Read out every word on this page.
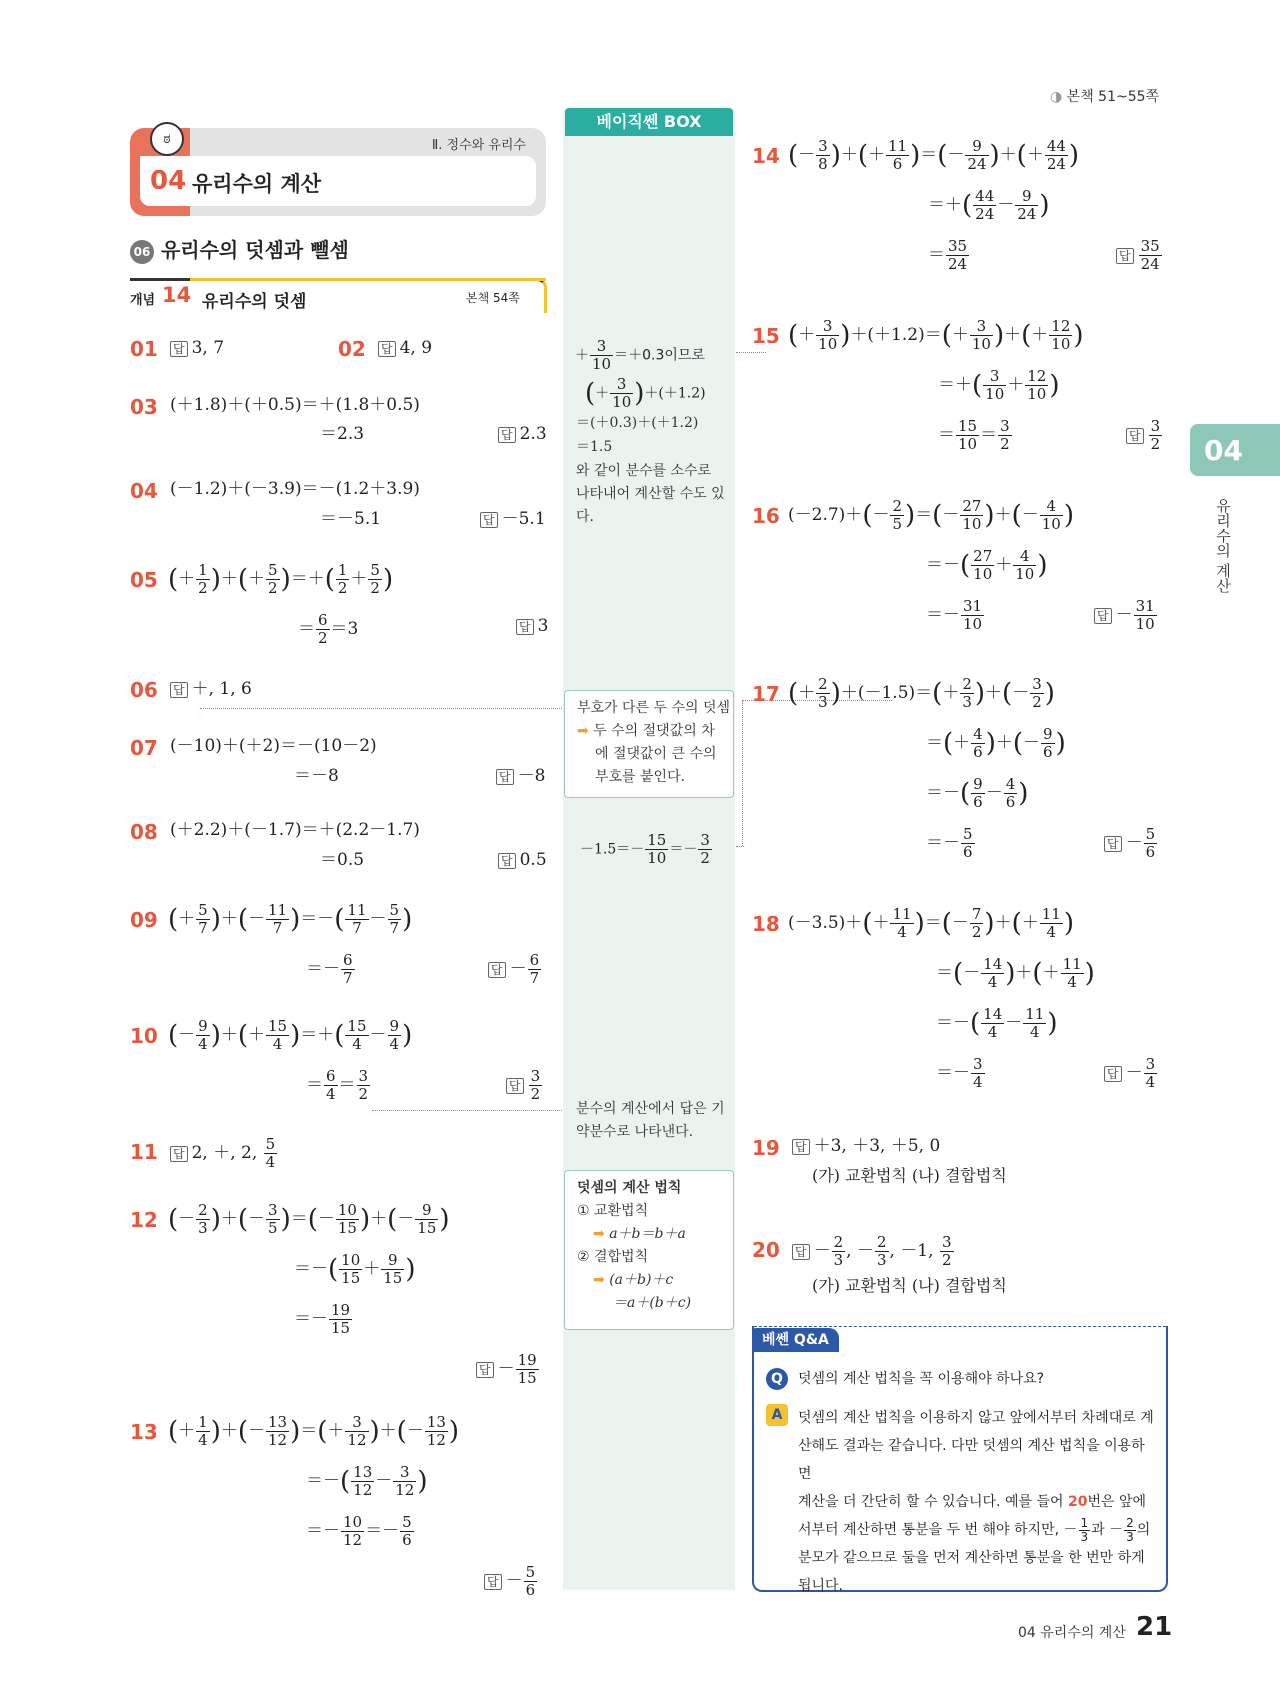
◑ 본책 51~55쪽
ಠ	Ⅱ. 정수와 유리수
04 유리수의 계산
06 유리수의 덧셈과 뺄셈
개념 14 유리수의 덧셈	본책 54쪽
베이직쎈 BOX
＋ $\frac{3}{10} =+0.3$이므로
(＋ $\frac{3}{10} )+(+1.2)$
＝(＋0.3)＋(＋1.2)
＝1.5
와 같이 분수를 소수로 나타내어 계산할 수도 있다.
부호가 다른 두 수의 덧셈
➡ 두 수의 절댓값의 차
에 절댓값이 큰 수의
부호를 붙인다.
$-1.5=- \frac{15}{10} =- \frac{3}{2}$
분수의 계산에서 답은 기약분수로 나타낸다.
덧셈의 계산 법칙
① 교환법칙
➡ a＋b＝b＋a
② 결합법칙
➡ (a＋b)＋c
＝a＋(b＋c)
01 답 3, 7	02 답 4, 9
03 (＋1.8)＋(＋0.5)＝＋(1.8＋0.5)
＝2.3	답 2.3
04 (－1.2)＋(－3.9)＝－(1.2＋3.9)
＝－5.1	답 －5.1
05 (＋ $\frac{1}{2}$ )＋(＋ $\frac{5}{2}$ )＝＋( $\frac{1}{2} + \frac{5}{2}$ )
＝ $\frac{6}{2} =3$	답 3
06 답 ＋, 1, 6
07 (－10)＋(＋2)＝－(10－2)
＝－8	답 －8
08 (＋2.2)＋(－1.7)＝＋(2.2－1.7)
＝0.5	답 0.5
09 (＋ $\frac{5}{7}$ )＋(－ $\frac{11}{7}$ )＝－( $\frac{11}{7} - \frac{5}{7}$ )
＝－ $\frac{6}{7}$	답 － $\frac{6}{7}$
10 (－ $\frac{9}{4}$ )＋(＋ $\frac{15}{4}$ )＝＋( $\frac{15}{4} - \frac{9}{4}$ )
＝ $\frac{6}{4} = \frac{3}{2}$	답 $\frac{3}{2}$
11 답 2, ＋, 2, $\frac{5}{4}$
12 (－ $\frac{2}{3}$ )＋(－ $\frac{3}{5}$ )＝(－ $\frac{10}{15}$ )＋(－ $\frac{9}{15}$ )
＝－( $\frac{10}{15} + \frac{9}{15}$ )
＝－ $\frac{19}{15}$
답 － $\frac{19}{15}$
13 (＋ $\frac{1}{4}$ )＋(－ $\frac{13}{12}$ )＝(＋ $\frac{3}{12}$ )＋(－ $\frac{13}{12}$ )
＝－( $\frac{13}{12} - \frac{3}{12}$ )
＝－ $\frac{10}{12} =- \frac{5}{6}$
답 － $\frac{5}{6}$
14 (－ $\frac{3}{8}$ )＋(＋ $\frac{11}{6}$ )＝(－ $\frac{9}{24}$ )＋(＋ $\frac{44}{24}$ )
＝＋( $\frac{44}{24} - \frac{9}{24}$ )
＝ $\frac{35}{24}$	답 $\frac{35}{24}$
15 (＋ $\frac{3}{10} )+(+1.2)=(+ \frac{3}{10}$ )＋(＋ $\frac{12}{10}$ )
＝＋( $\frac{3}{10} + \frac{12}{10}$ )
＝ $\frac{15}{10} = \frac{3}{2}$	답 $\frac{3}{2}$
16 $(-2.7)+(- \frac{2}{5}$ )＝(－ $\frac{27}{10}$ )＋(－ $\frac{4}{10}$ )
＝－( $\frac{27}{10} + \frac{4}{10}$ )
＝－ $\frac{31}{10}$	답 － $\frac{31}{10}$
17 (＋ $\frac{2}{3} )+(-1.5)=(+ \frac{2}{3}$ )＋(－ $\frac{3}{2}$ )
＝(＋ $\frac{4}{6}$ )＋(－ $\frac{9}{6}$ )
＝－( $\frac{9}{6} - \frac{4}{6}$ )
＝－ $\frac{5}{6}$	답 － $\frac{5}{6}$
18 $(-3.5)+(+ \frac{11}{4}$ )＝(－ $\frac{7}{2}$ )＋(＋ $\frac{11}{4}$ )
＝(－ $\frac{14}{4}$ )＋(＋ $\frac{11}{4}$ )
＝－( $\frac{14}{4} - \frac{11}{4}$ )
＝－ $\frac{3}{4}$	답 － $\frac{3}{4}$
19 답 ＋3, ＋3, ＋5, 0
(가) 교환법칙 (나) 결합법칙
20 답 － $\frac{2}{3}$ , － $\frac{2}{3}$ , －1, $\frac{3}{2}$
(가) 교환법칙 (나) 결합법칙
베쎈 Q&A
Q	덧셈의 계산 법칙을 꼭 이용해야 하나요?
A	덧셈의 계산 법칙을 이용하지 않고 앞에서부터 차례대로 계
산해도 결과는 같습니다. 다만 덧셈의 계산 법칙을 이용하면
계산을 더 간단히 할 수 있습니다. 예를 들어 20번은 앞에
서부터 계산하면 통분을 두 번 해야 하지만, － $\frac{1}{3}$ 과 － $\frac{2}{3}$ 의
분모가 같으므로 둘을 먼저 계산하면 통분을 한 번만 하게
됩니다.
04
유리수의 계산
04 유리수의 계산 21
